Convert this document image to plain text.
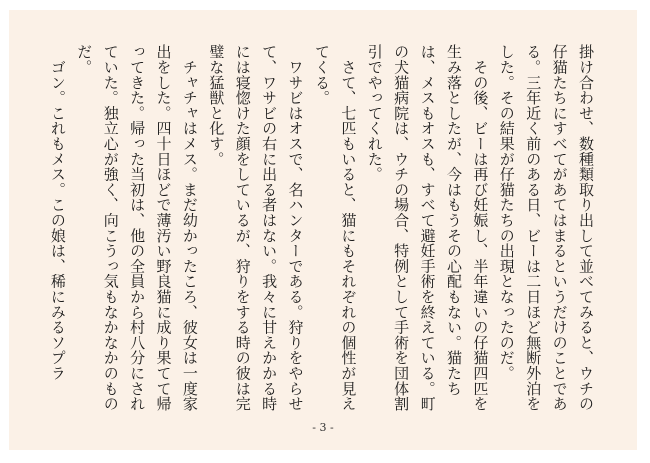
掛け合わせ、数種類取り出して並べてみると、ウチの仔猫たちにすべてがあてはまるというだけのことである。三年近く前のある日、ビーは二日ほど無断外泊をした。その結果が仔猫たちの出現となったのだ。

　その後、ビーは再び妊娠し、半年違いの仔猫四匹を生み落としたが、今はもうその心配もない。猫たちは、メスもオスも、すべて避妊手術を終えている。町の犬猫病院は、ウチの場合、特例として手術を団体割引でやってくれた。

　さて、七匹もいると、猫にもそれぞれの個性が見えてくる。

　ワサビはオスで、名ハンターである。狩りをやらせて、ワサビの右に出る者はない。我々に甘えかかる時には寝惚けた顔をしているが、狩りをする時の彼は完璧な猛獣と化す。

　チャチャはメス。まだ幼かったころ、彼女は一度家出をした。四十日ほどで薄汚い野良猫に成り果てて帰ってきた。帰った当初は、他の全員から村八分にされていた。独立心が強く、向こうっ気もなかなかのものだ。

　ゴン。これもメス。この娘は、稀にみるソプラ

- 3 -
